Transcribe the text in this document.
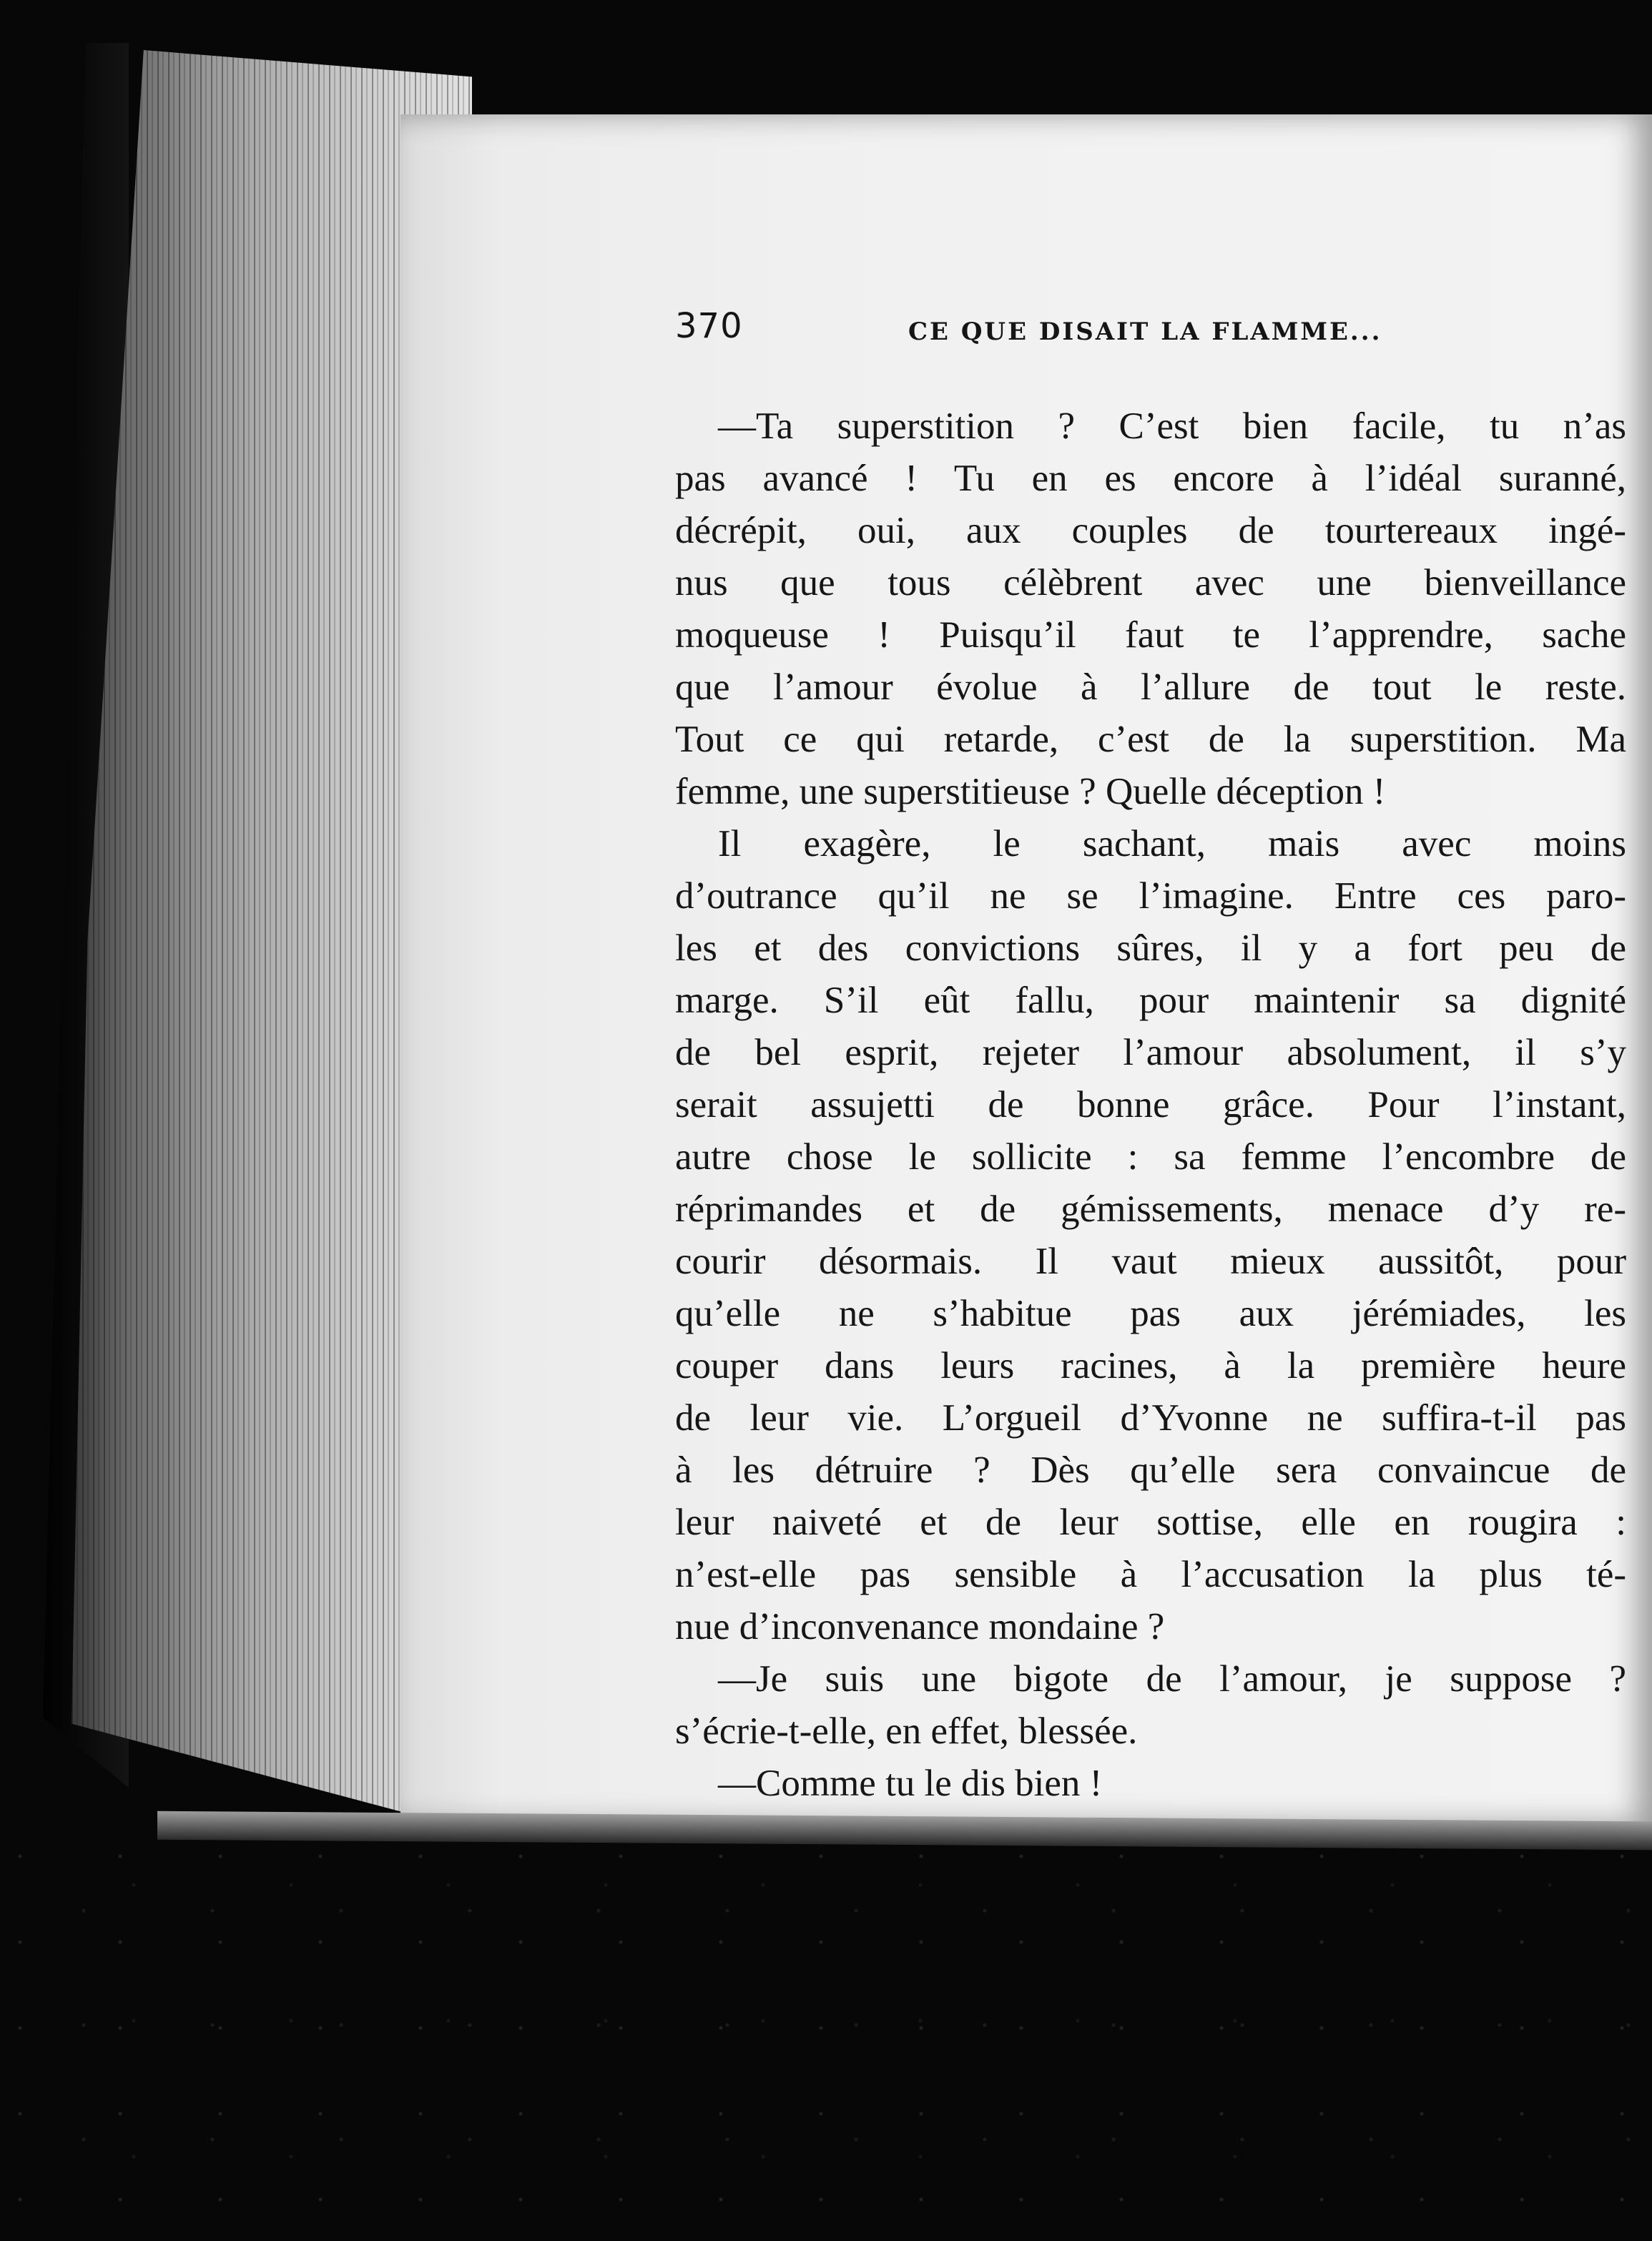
370	CE QUE DISAIT LA FLAMME...
—Ta superstition ? C’est bien facile, tu n’as
pas avancé ! Tu en es encore à l’idéal suranné,
décrépit, oui, aux couples de tourtereaux ingé-
nus que tous célèbrent avec une bienveillance
moqueuse ! Puisqu’il faut te l’apprendre, sache
que l’amour évolue à l’allure de tout le reste.
Tout ce qui retarde, c’est de la superstition. Ma
femme, une superstitieuse ? Quelle déception !
Il exagère, le sachant, mais avec moins
d’outrance qu’il ne se l’imagine. Entre ces paro-
les et des convictions sûres, il y a fort peu de
marge. S’il eût fallu, pour maintenir sa dignité
de bel esprit, rejeter l’amour absolument, il s’y
serait assujetti de bonne grâce. Pour l’instant,
autre chose le sollicite : sa femme l’encombre de
réprimandes et de gémissements, menace d’y re-
courir désormais. Il vaut mieux aussitôt, pour
qu’elle ne s’habitue pas aux jérémiades, les
couper dans leurs racines, à la première heure
de leur vie. L’orgueil d’Yvonne ne suffira-t-il pas
à les détruire ? Dès qu’elle sera convaincue de
leur naiveté et de leur sottise, elle en rougira :
n’est-elle pas sensible à l’accusation la plus té-
nue d’inconvenance mondaine ?
—Je suis une bigote de l’amour, je suppose ?
s’écrie-t-elle, en effet, blessée.
—Comme tu le dis bien !
